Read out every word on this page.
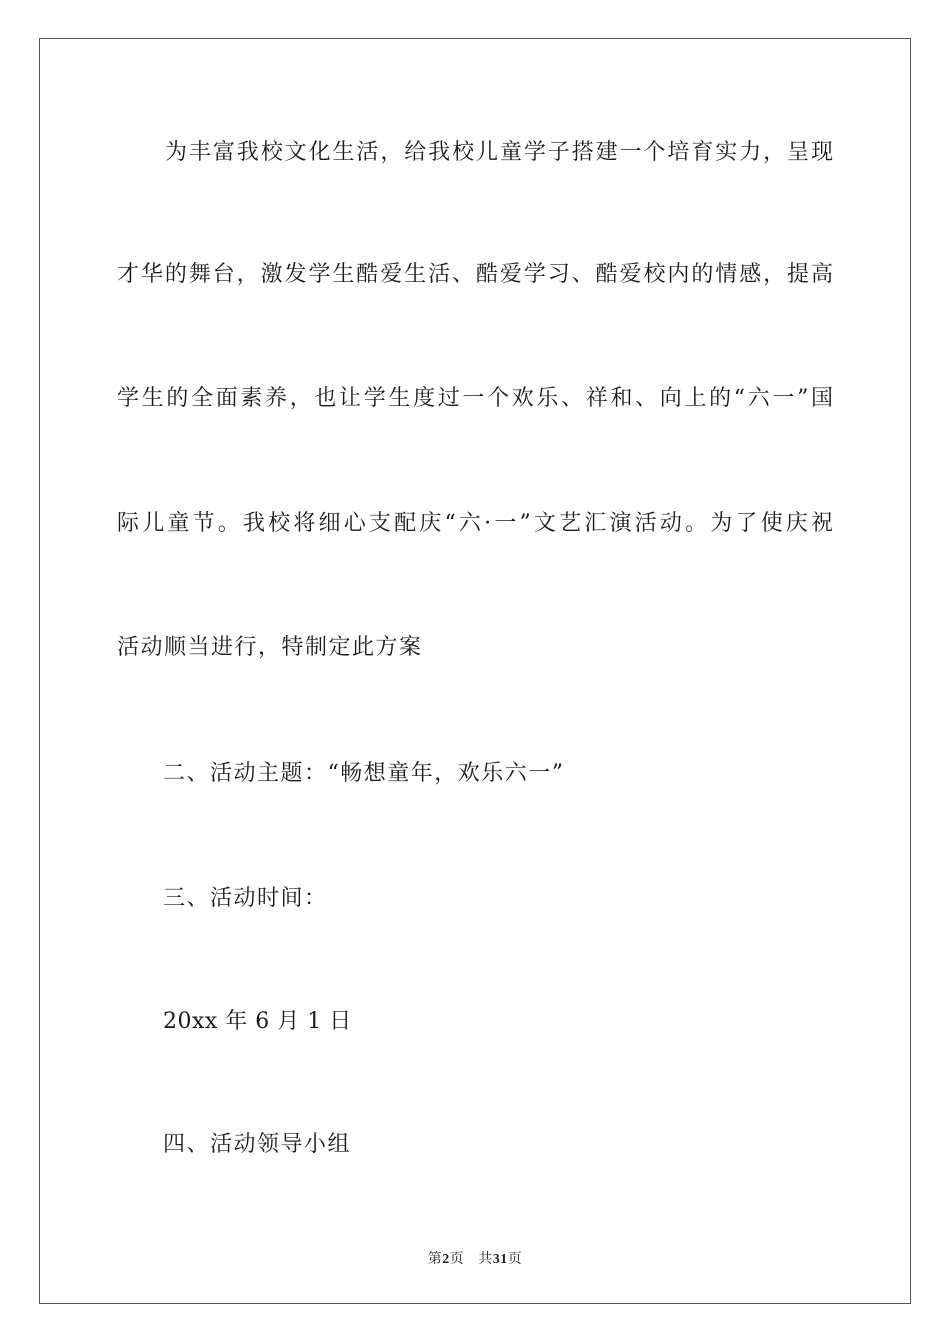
为丰富我校文化生活，给我校儿童学子搭建一个培育实力，呈现
才华的舞台，激发学生酷爱生活、酷爱学习、酷爱校内的情感，提高
学生的全面素养，也让学生度过一个欢乐、祥和、向上的“六一”国
际儿童节。我校将细心支配庆“六·一”文艺汇演活动。为了使庆祝
活动顺当进行，特制定此方案
二、活动主题：“畅想童年，欢乐六一”
三、活动时间：
20xx 年 6 月 1 日
四、活动领导小组
第2页 共31页
